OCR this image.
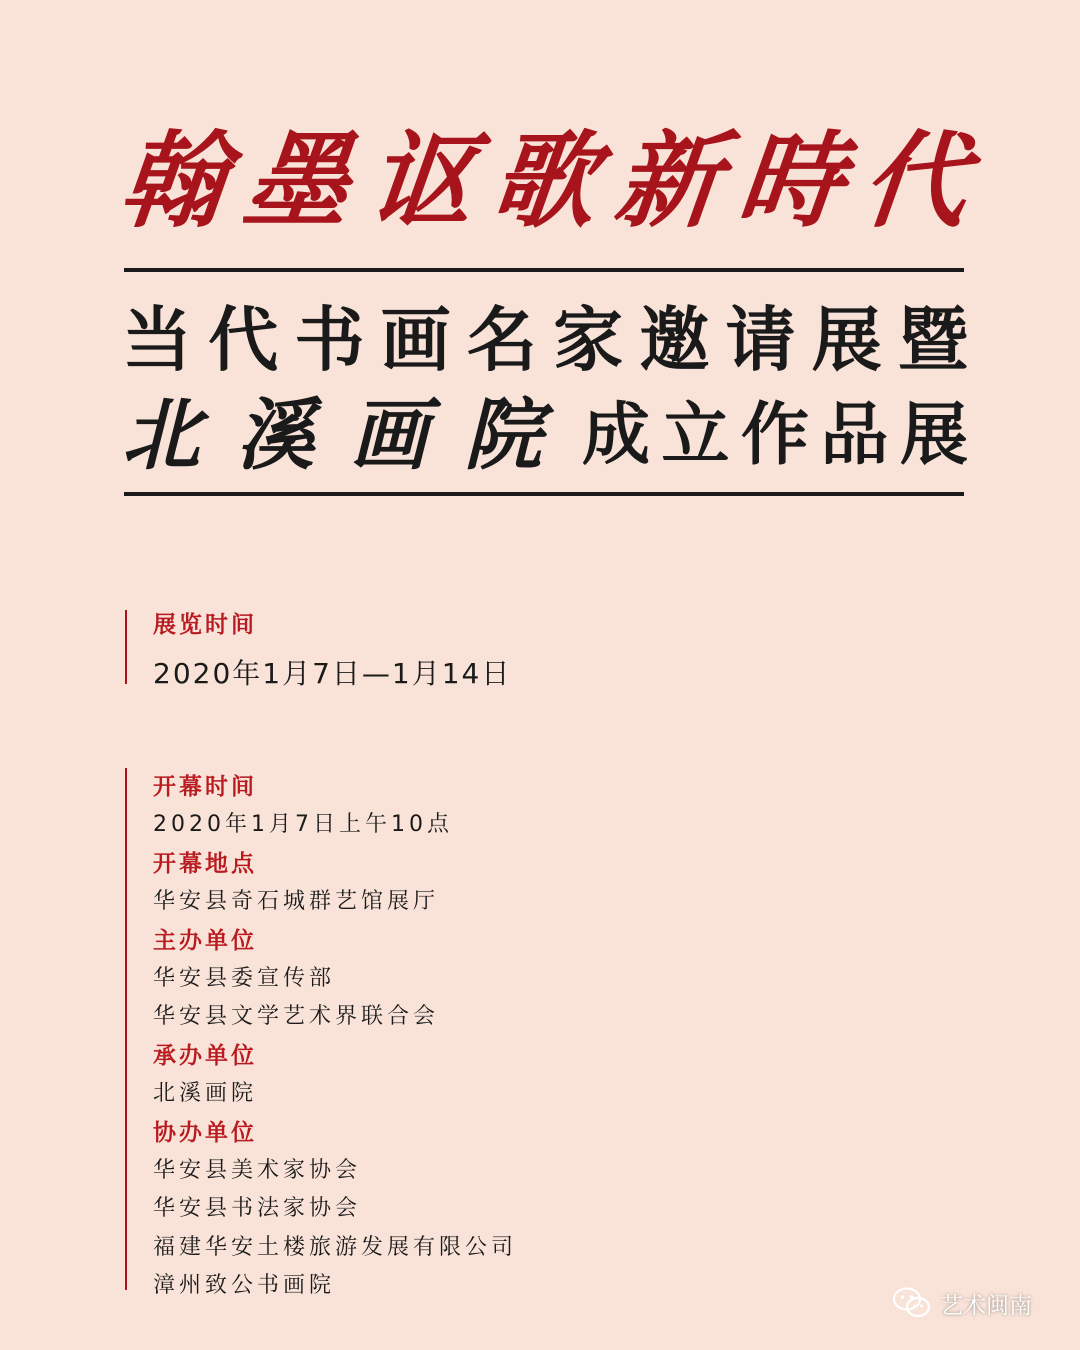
翰 墨 讴 歌 新 時 代
当 代 书 画 名 家 邀 请 展 暨
北 溪 画 院 成 立 作 品 展
展览时间
2020年1月7日—1月14日
开幕时间
2020年1月7日上午10点
开幕地点
华安县奇石城群艺馆展厅
主办单位
华安县委宣传部
华安县文学艺术界联合会
承办单位
北溪画院
协办单位
华安县美术家协会
华安县书法家协会
福建华安土楼旅游发展有限公司
漳州致公书画院
艺术闽南
